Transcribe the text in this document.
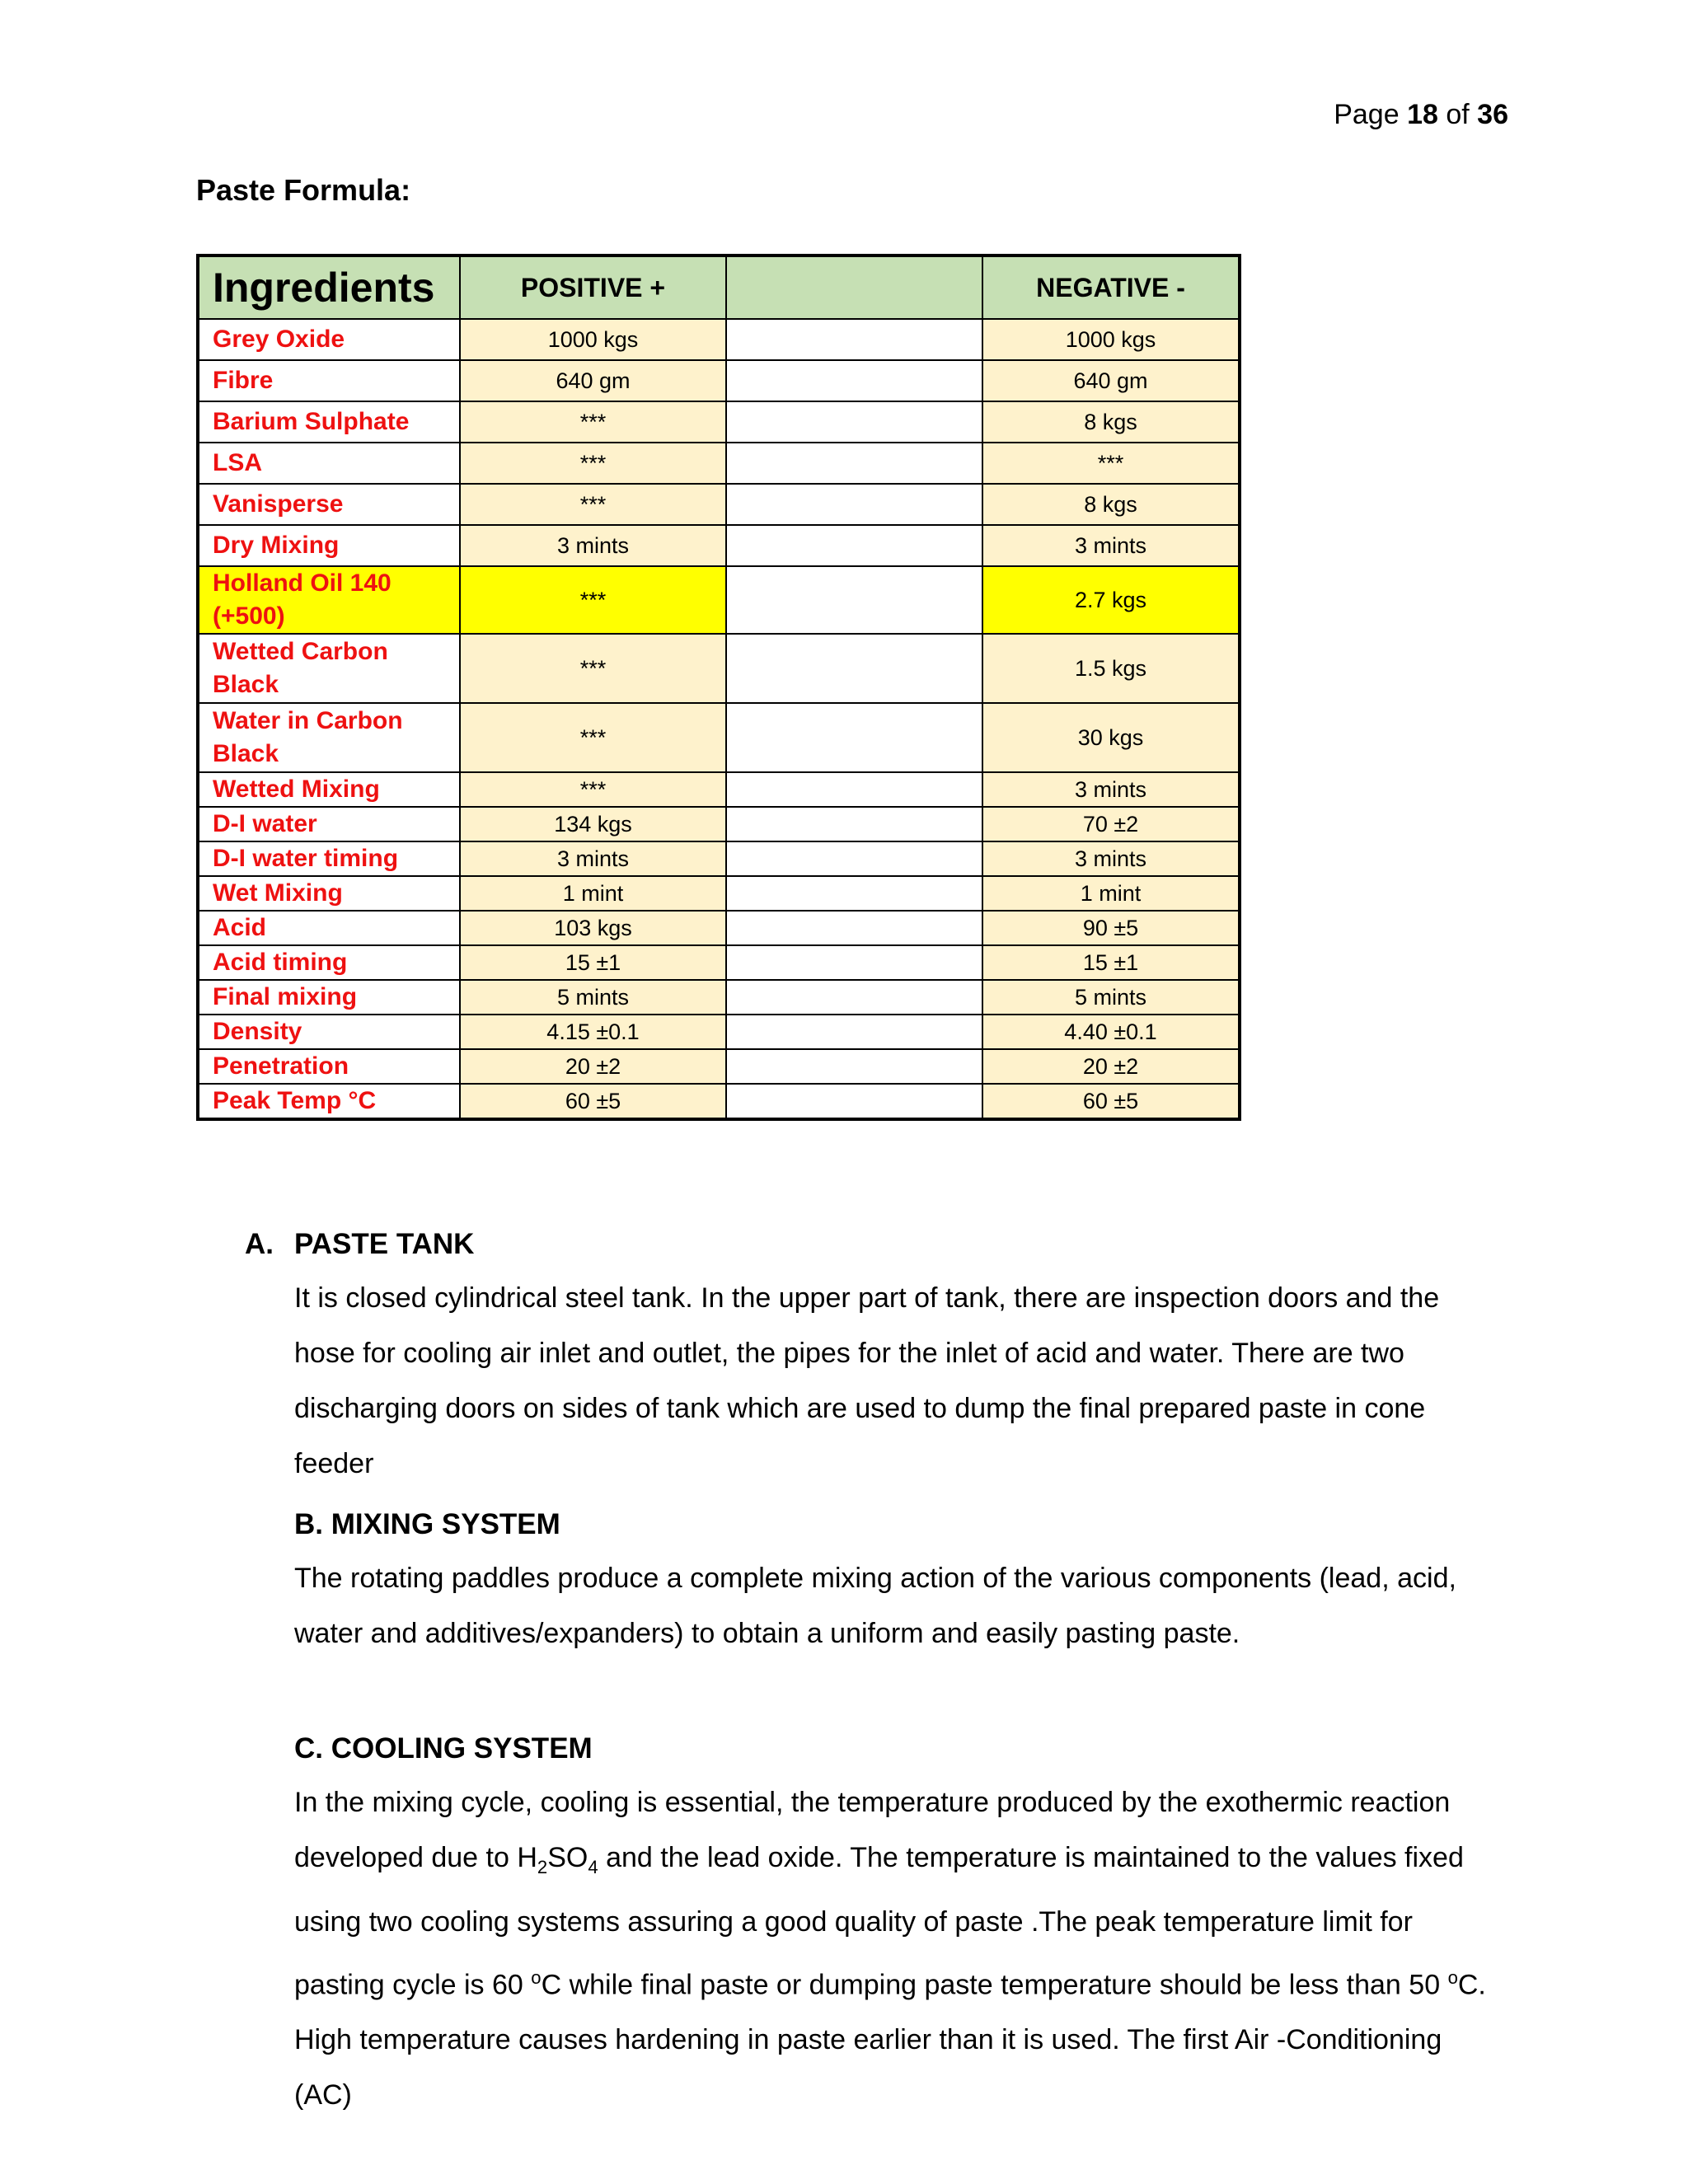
Page 18 of 36
Paste Formula:
Ingredients	POSITIVE +		NEGATIVE -
Grey Oxide	1000 kgs		1000 kgs
Fibre	640 gm		640 gm
Barium Sulphate	***		8 kgs
LSA	***		***
Vanisperse	***		8 kgs
Dry Mixing	3 mints		3 mints
Holland Oil 140 (+500)	***		2.7 kgs
Wetted Carbon Black	***		1.5 kgs
Water in Carbon Black	***		30 kgs
Wetted Mixing	***		3 mints
D-I water	134 kgs		70 ±2
D-I water timing	3 mints		3 mints
Wet Mixing	1 mint		1 mint
Acid	103 kgs		90 ±5
Acid timing	15 ±1		15 ±1
Final mixing	5 mints		5 mints
Density	4.15 ±0.1		4.40 ±0.1
Penetration	20 ±2		20 ±2
Peak Temp °C	60 ±5		60 ±5
A. PASTE TANK

It is closed cylindrical steel tank. In the upper part of tank, there are inspection doors and the hose for cooling air inlet and outlet, the pipes for the inlet of acid and water. There are two discharging doors on sides of tank which are used to dump the final prepared paste in cone feeder

B. MIXING SYSTEM

The rotating paddles produce a complete mixing action of the various components (lead, acid, water and additives/expanders) to obtain a uniform and easily pasting paste.

C. COOLING SYSTEM

In the mixing cycle, cooling is essential, the temperature produced by the exothermic reaction developed due to $H_2SO_4$ and the lead oxide. The temperature is maintained to the values fixed using two cooling systems assuring a good quality of paste .The peak temperature limit for pasting cycle is 60 $^o$C while final paste or dumping paste temperature should be less than 50 $^o$C. High temperature causes hardening in paste earlier than it is used. The first Air -Conditioning (AC)
